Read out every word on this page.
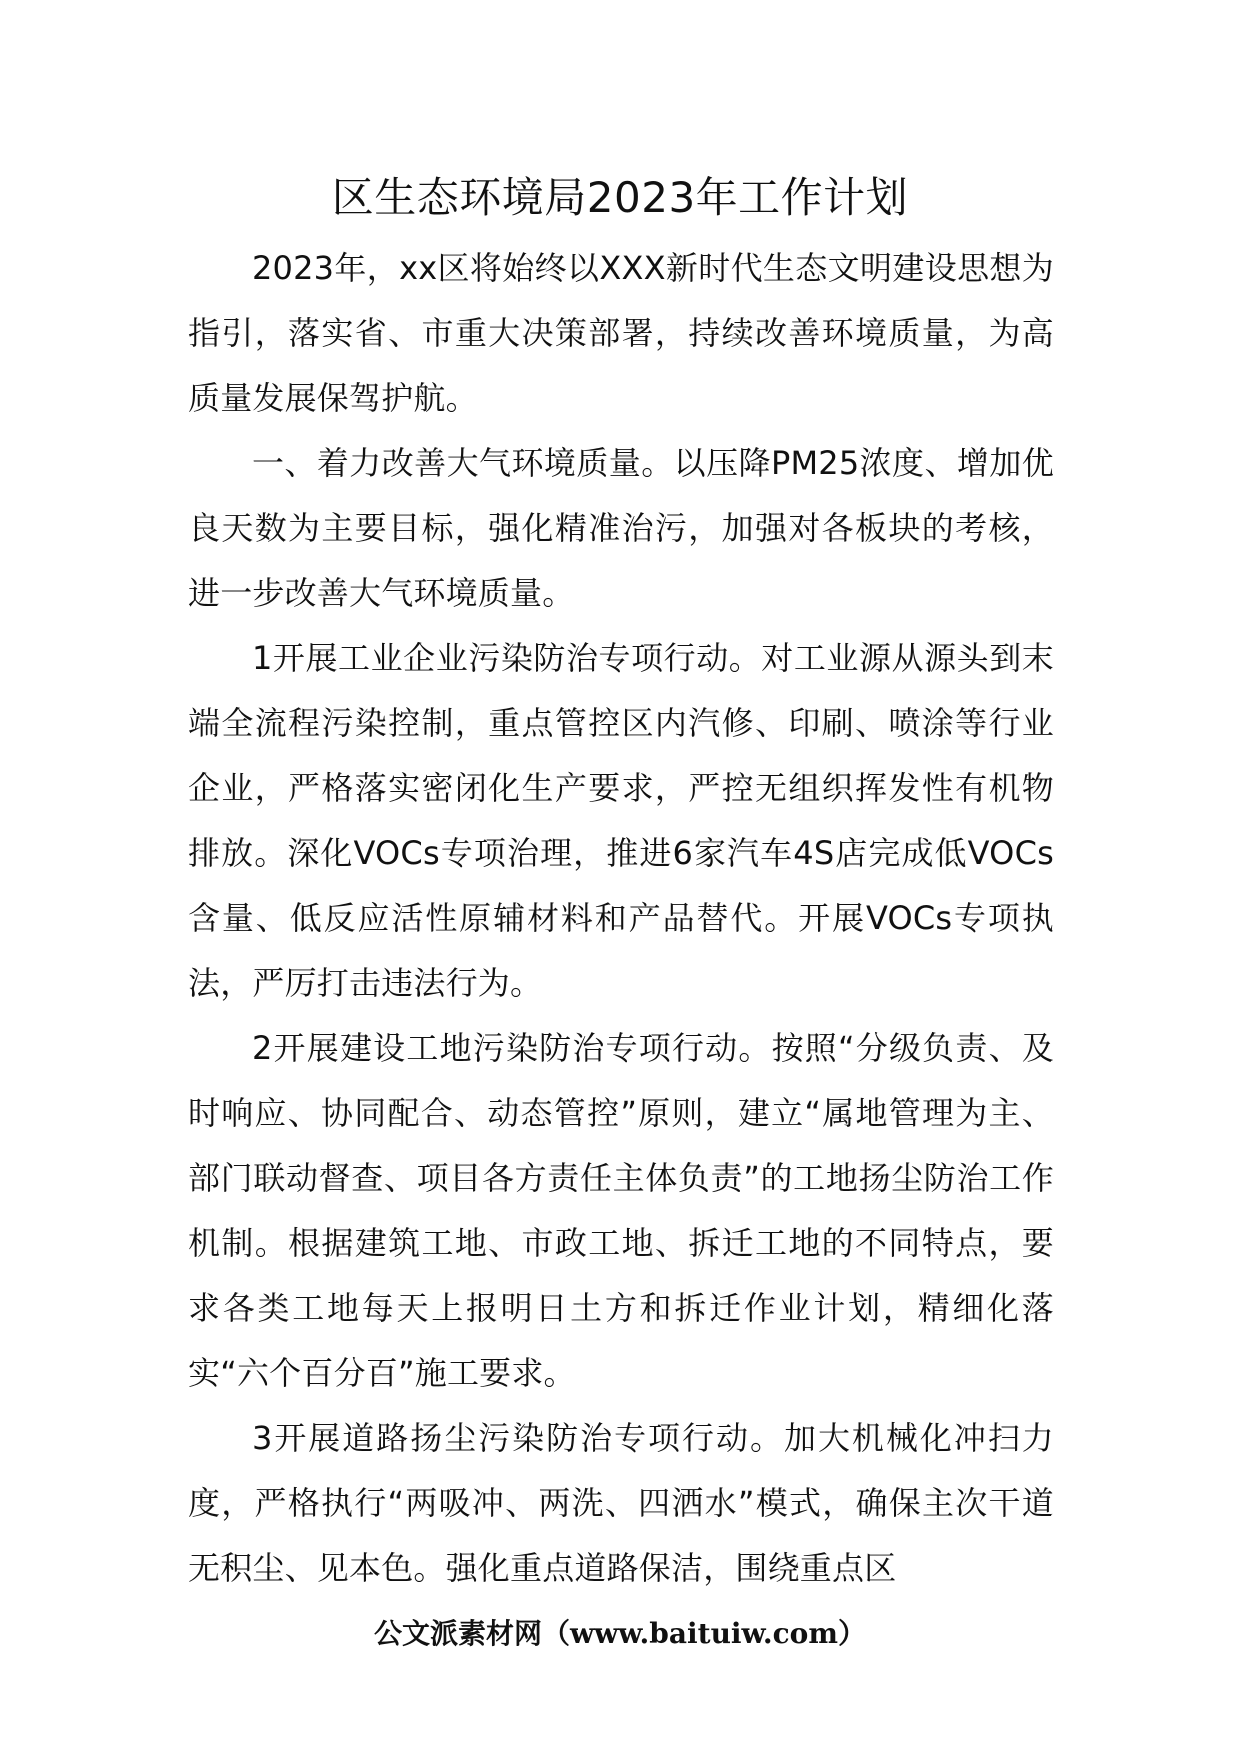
区生态环境局2023年工作计划

2023年，xx区将始终以XXX新时代生态文明建设思想为指引，落实省、市重大决策部署，持续改善环境质量，为高质量发展保驾护航。

一、着力改善大气环境质量。以压降PM25浓度、增加优良天数为主要目标，强化精准治污，加强对各板块的考核，进一步改善大气环境质量。

1开展工业企业污染防治专项行动。对工业源从源头到末端全流程污染控制，重点管控区内汽修、印刷、喷涂等行业企业，严格落实密闭化生产要求，严控无组织挥发性有机物排放。深化VOCs专项治理，推进6家汽车4S店完成低VOCs含量、低反应活性原辅材料和产品替代。开展VOCs专项执法，严厉打击违法行为。

2开展建设工地污染防治专项行动。按照“分级负责、及时响应、协同配合、动态管控”原则，建立“属地管理为主、部门联动督查、项目各方责任主体负责”的工地扬尘防治工作机制。根据建筑工地、市政工地、拆迁工地的不同特点，要求各类工地每天上报明日土方和拆迁作业计划，精细化落实“六个百分百”施工要求。

3开展道路扬尘污染防治专项行动。加大机械化冲扫力度，严格执行“两吸冲、两洗、四洒水”模式，确保主次干道无积尘、见本色。强化重点道路保洁，围绕重点区

公文派素材网（www.baituiw.com）
